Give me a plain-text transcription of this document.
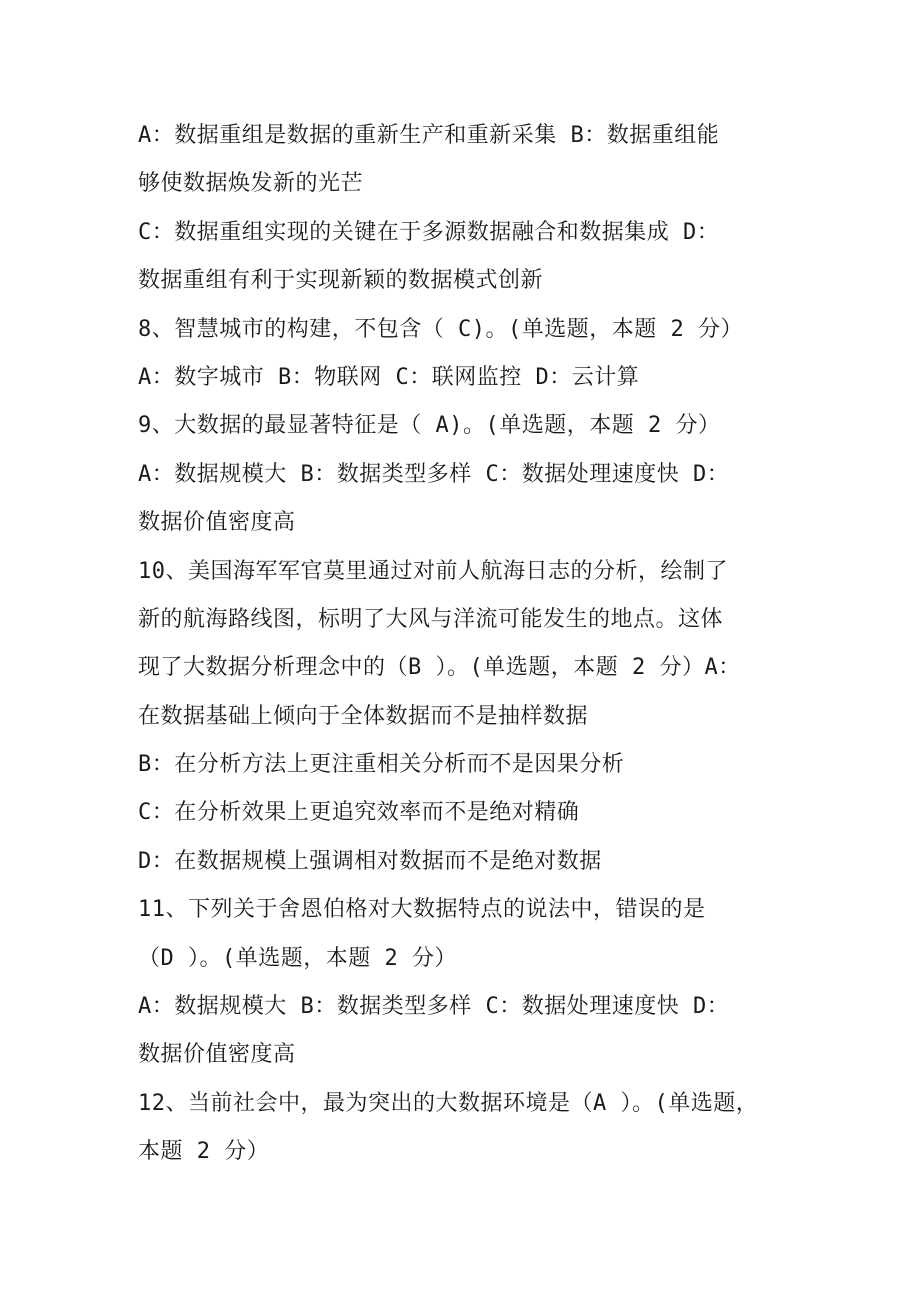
A：数据重组是数据的重新生产和重新采集 B：数据重组能
够使数据焕发新的光芒
C：数据重组实现的关键在于多源数据融合和数据集成 D：
数据重组有利于实现新颖的数据模式创新
8、智慧城市的构建，不包含（ C)。(单选题，本题 2 分）
A：数字城市 B：物联网 C：联网监控 D：云计算
9、大数据的最显著特征是（ A)。(单选题，本题 2 分）
A：数据规模大 B：数据类型多样 C：数据处理速度快 D：
数据价值密度高
10、美国海军军官莫里通过对前人航海日志的分析，绘制了
新的航海路线图，标明了大风与洋流可能发生的地点。这体
现了大数据分析理念中的（B ）。(单选题，本题 2 分）A：
在数据基础上倾向于全体数据而不是抽样数据
B：在分析方法上更注重相关分析而不是因果分析
C：在分析效果上更追究效率而不是绝对精确
D：在数据规模上强调相对数据而不是绝对数据
11、下列关于舍恩伯格对大数据特点的说法中，错误的是
（D ）。(单选题，本题 2 分）
A：数据规模大 B：数据类型多样 C：数据处理速度快 D：
数据价值密度高
12、当前社会中，最为突出的大数据环境是（A ）。(单选题，
本题 2 分）
